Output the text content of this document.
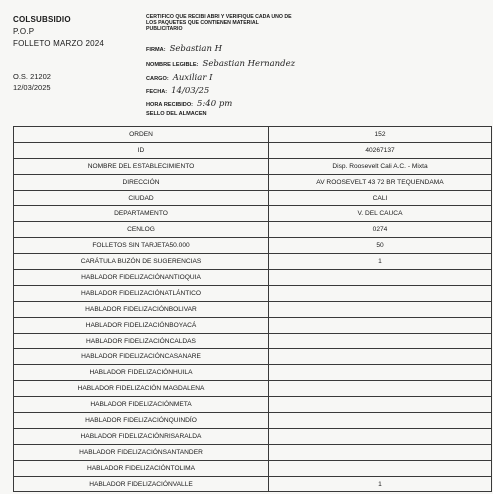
COLSUBSIDIO
P.O.P
FOLLETO MARZO 2024
O.S. 21202
12/03/2025
CERTIFICO QUE RECIBI ABRI Y VERIFIQUE CADA UNO DE LOS PAQUETES QUE CONTIENEN MATERIAL PUBLICITARIO
FIRMA: Sebastian H
NOMBRE LEGIBLE: Sebastian Hernandez
CARGO: Auxiliar I
FECHA: 14/03/25
HORA RECIBIDO: 5:40 pm
SELLO DEL ALMACEN
ORDEN	152
ID	40267137
NOMBRE DEL ESTABLECIMIENTO	Disp. Roosevelt Cali A.C. - Mixta
DIRECCIÓN	AV ROOSEVELT 43 72 BR TEQUENDAMA
CIUDAD	CALI
DEPARTAMENTO	V. DEL CAUCA
CENLOG	0274
FOLLETOS SIN TARJETA50.000	50
CARÁTULA BUZÓN DE SUGERENCIAS	1
HABLADOR FIDELIZACIÓNANTIOQUIA	
HABLADOR FIDELIZACIÓNATLÁNTICO	
HABLADOR FIDELIZACIÓNBOLIVAR	
HABLADOR FIDELIZACIÓNBOYACÁ	
HABLADOR FIDELIZACIÓNCALDAS	
HABLADOR FIDELIZACIÓNCASANARE	
HABLADOR FIDELIZACIÓNHUILA	
HABLADOR FIDELIZACIÓN MAGDALENA	
HABLADOR FIDELIZACIÓNMETA	
HABLADOR FIDELIZACIÓNQUINDÍO	
HABLADOR FIDELIZACIÓNRISARALDA	
HABLADOR FIDELIZACIÓNSANTANDER	
HABLADOR FIDELIZACIÓNTOLIMA	
HABLADOR FIDELIZACIÓNVALLE	1
